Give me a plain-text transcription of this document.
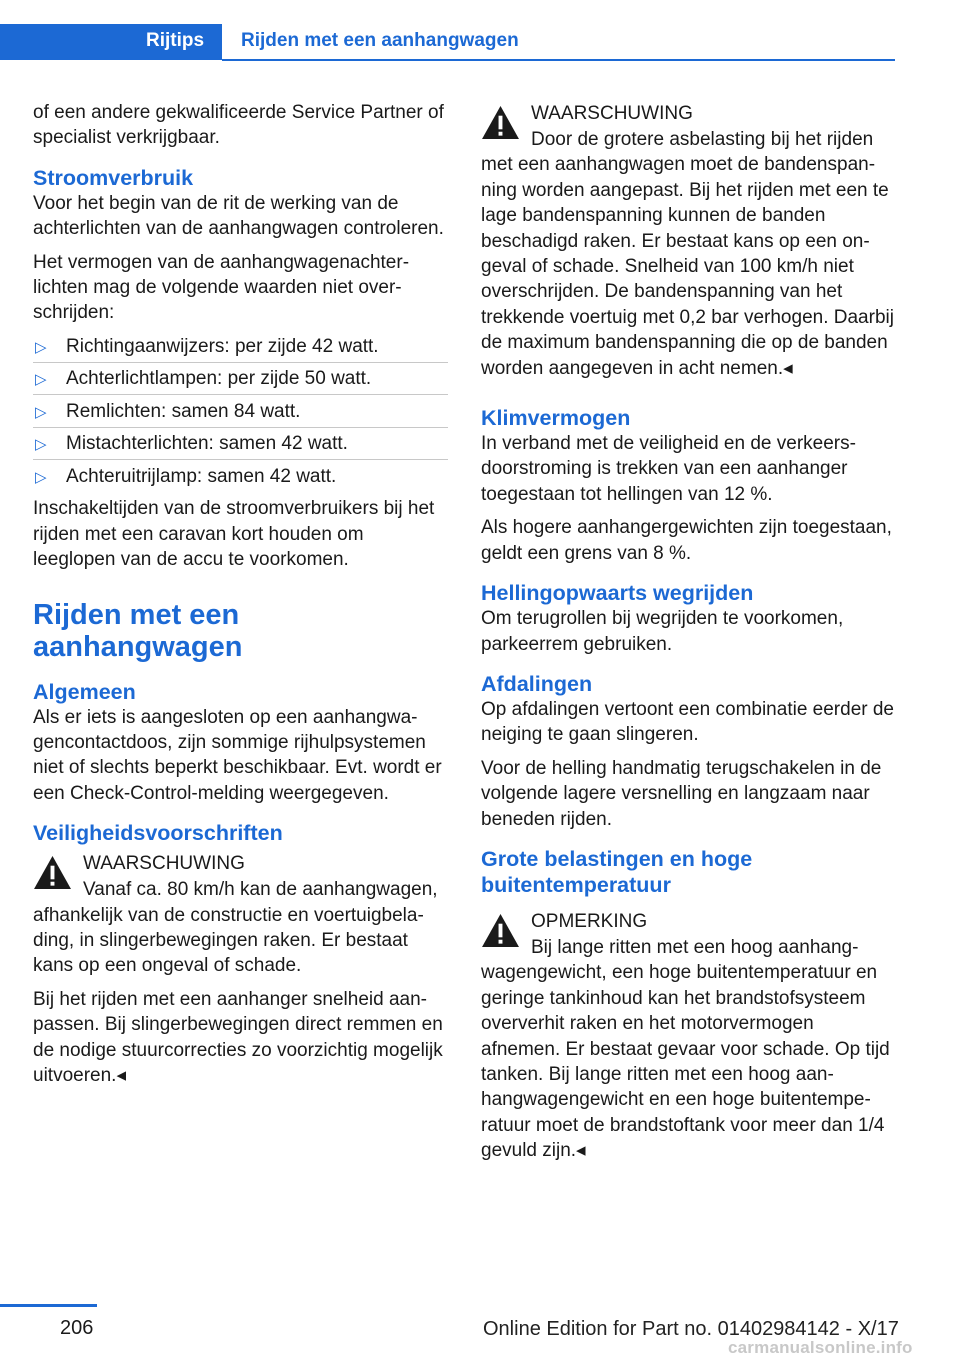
Rijtips Rijden met een aanhangwagen

of een andere gekwalificeerde Service Partner of specialist verkrijgbaar.

Stroomverbruik

Voor het begin van de rit de werking van de achterlichten van de aanhangwagen controleren.

Het vermogen van de aanhangwagenachterlichten mag de volgende waarden niet overschrijden:

▷ Richtingaanwijzers: per zijde 42 watt.
▷ Achterlichtlampen: per zijde 50 watt.
▷ Remlichten: samen 84 watt.
▷ Mistachterlichten: samen 42 watt.
▷ Achteruitrijlamp: samen 42 watt.

Inschakeltijden van de stroomverbruikers bij het rijden met een caravan kort houden om leeglopen van de accu te voorkomen.

Rijden met een aanhangwagen
Algemeen

Als er iets is aangesloten op een aanhangwagencontactdoos, zijn sommige rijhulpsystemen niet of slechts beperkt beschikbaar. Evt. wordt er een Check-Control-melding weergegeven.

Veiligheidsvoorschriften
WAARSCHUWING
Vanaf ca. 80 km/h kan de aanhangwagen, afhankelijk van de constructie en voertuigbelading, in slingerbewegingen raken. Er bestaat kans op een ongeval of schade.

Bij het rijden met een aanhanger snelheid aanpassen. Bij slingerbewegingen direct remmen en de nodige stuurcorrecties zo voorzichtig mogelijk uitvoeren.◂

WAARSCHUWING
Door de grotere asbelasting bij het rijden met een aanhangwagen moet de bandenspanning worden aangepast. Bij het rijden met een te lage bandenspanning kunnen de banden beschadigd raken. Er bestaat kans op een ongeval of schade. Snelheid van 100 km/h niet overschrijden. De bandenspanning van het trekkende voertuig met 0,2 bar verhogen. Daarbij de maximum bandenspanning die op de banden worden aangegeven in acht nemen.◂
Klimvermogen

In verband met de veiligheid en de verkeersdoorstroming is trekken van een aanhanger toegestaan tot hellingen van 12 %.

Als hogere aanhangergewichten zijn toegestaan, geldt een grens van 8 %.

Hellingopwaarts wegrijden

Om terugrollen bij wegrijden te voorkomen, parkeerrem gebruiken.

Afdalingen

Op afdalingen vertoont een combinatie eerder de neiging te gaan slingeren.

Voor de helling handmatig terugschakelen in de volgende lagere versnelling en langzaam naar beneden rijden.

Grote belastingen en hoge buitentemperatuur
OPMERKING
Bij lange ritten met een hoog aanhangwagengewicht, een hoge buitentemperatuur en geringe tankinhoud kan het brandstofsysteem oververhit raken en het motorvermogen afnemen. Er bestaat gevaar voor schade. Op tijd tanken. Bij lange ritten met een hoog aanhangwagengewicht en een hoge buitentemperatuur moet de brandstoftank voor meer dan 1/4 gevuld zijn.◂
206	Online Edition for Part no. 01402984142 - X/17
carmanualsonline.info
